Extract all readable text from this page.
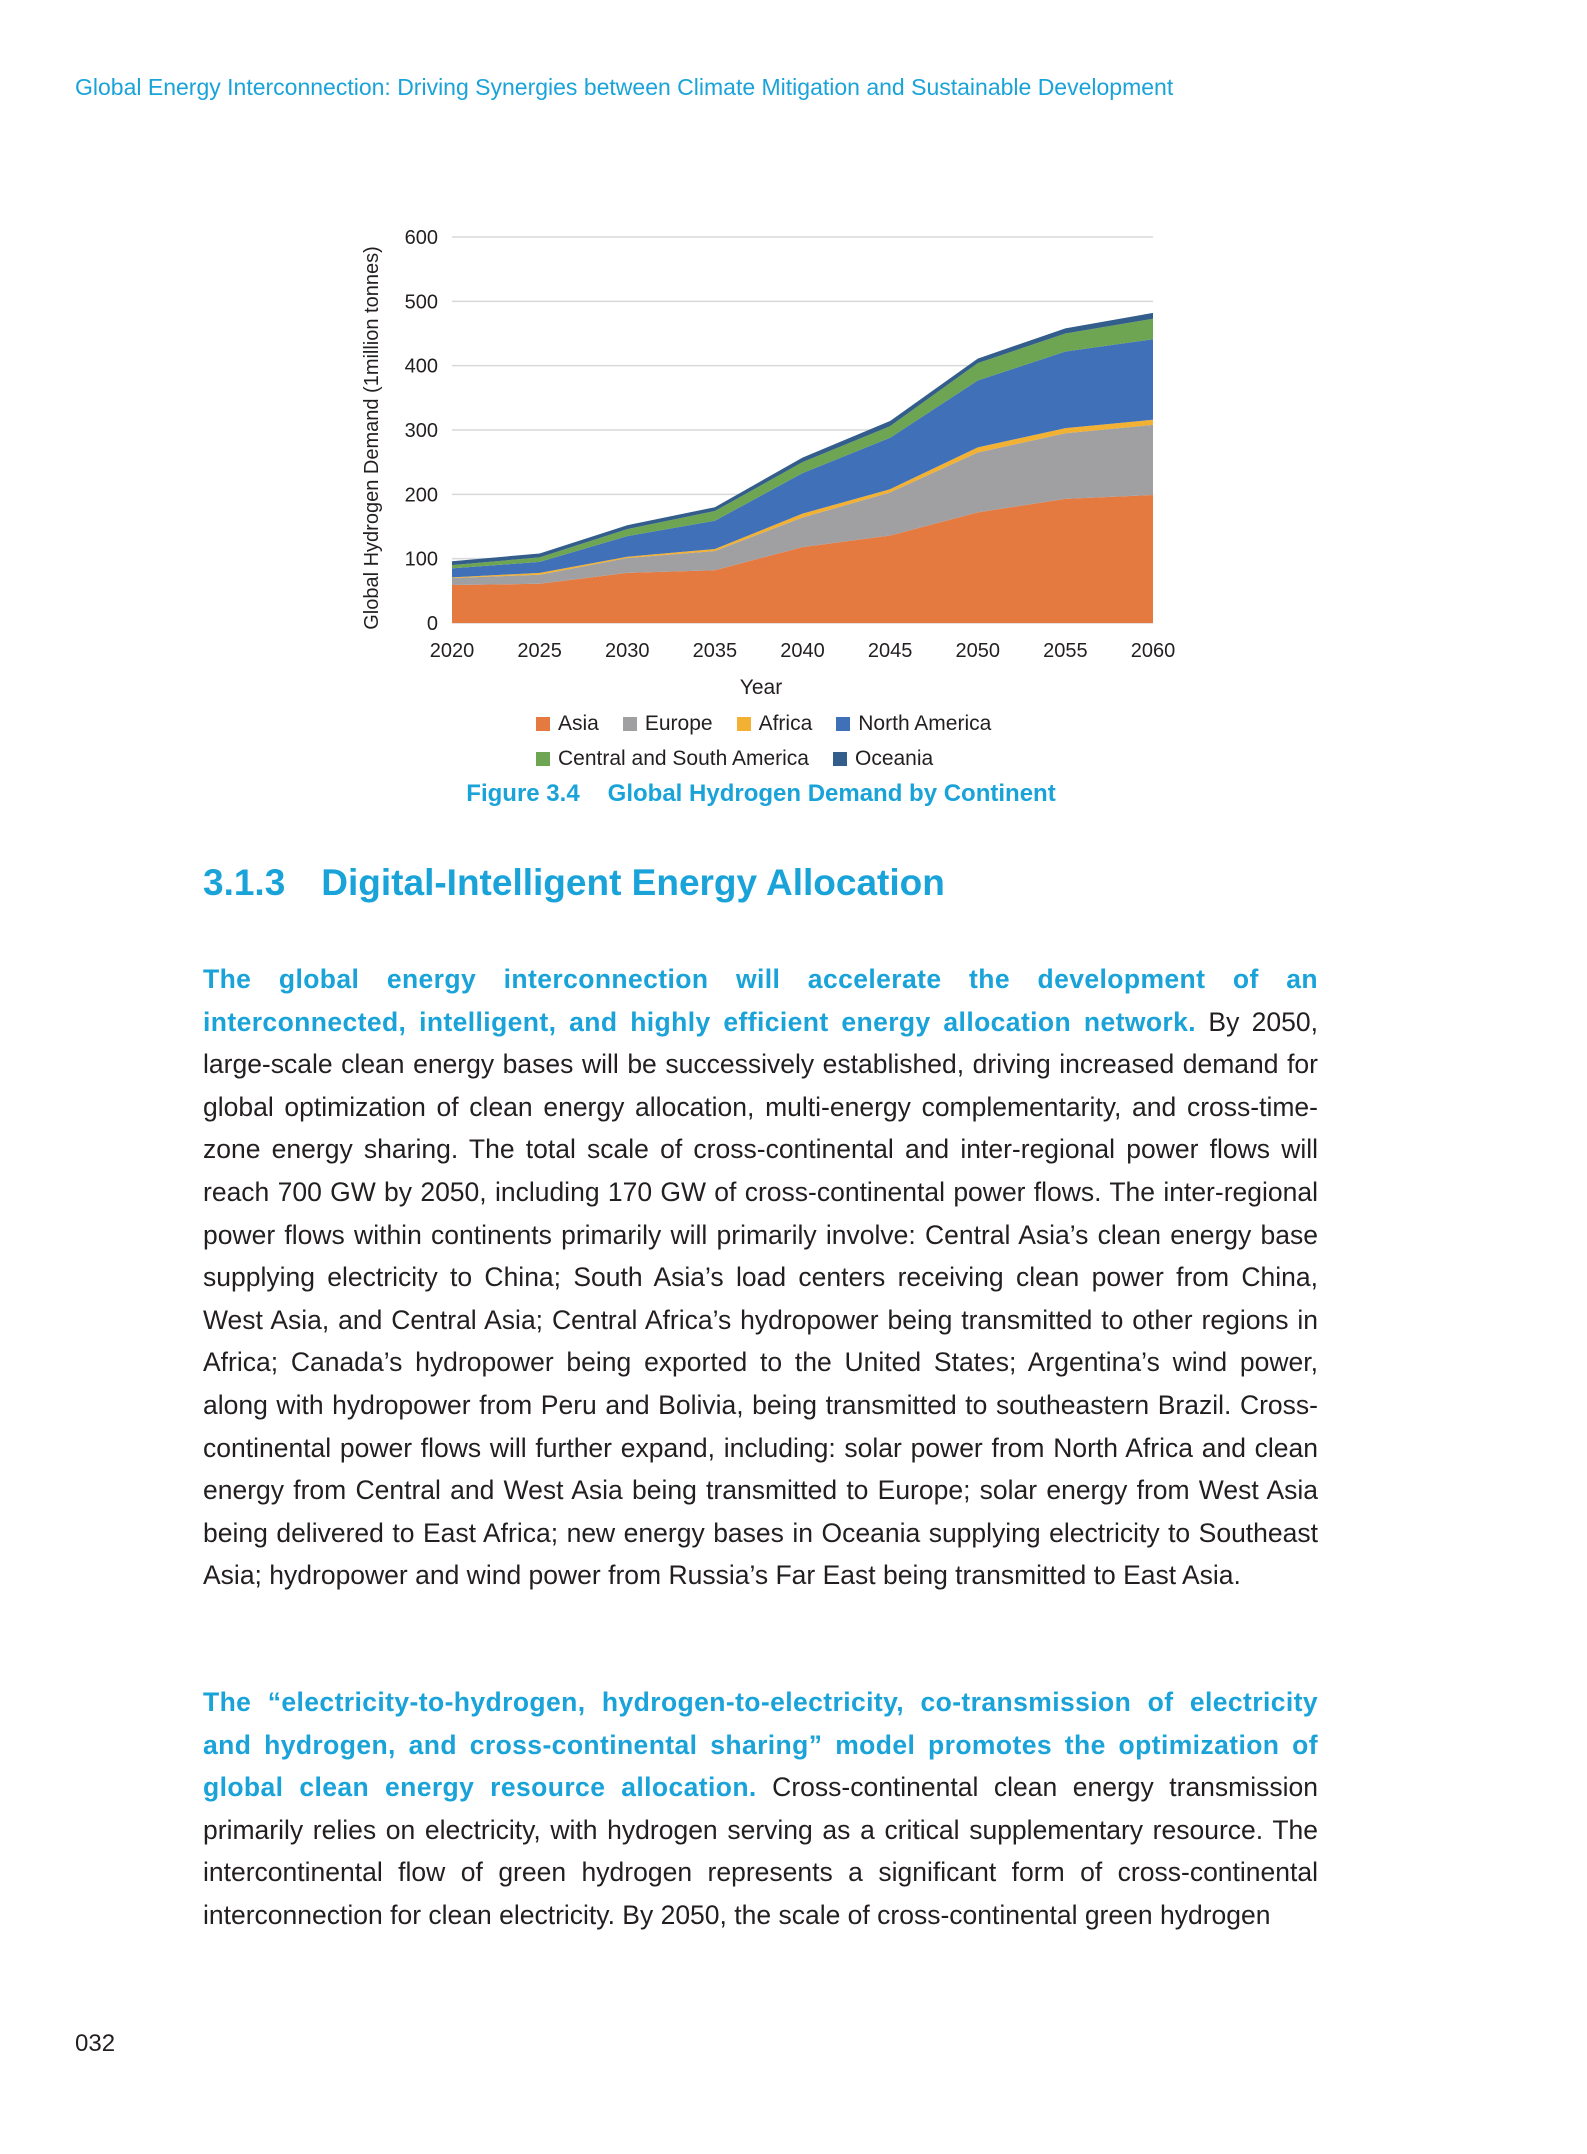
Global Energy Interconnection: Driving Synergies between Climate Mitigation and Sustainable Development
0
100
200
300
400
500
600
2020 2025 2030 2035 2040 2045 2050 2055 2060
Global Hydrogen Demand (1million tonnes)
Year
Asia Europe Africa North America
Central and South America Oceania
Figure 3.4 Global Hydrogen Demand by Continent
3.1.3 Digital-Intelligent Energy Allocation

The global energy interconnection will accelerate the development of an interconnected, intelligent, and highly efficient energy allocation network. By 2050, large-scale clean energy bases will be successively established, driving increased demand for global optimization of clean energy allocation, multi-energy complementarity, and cross-time-zone energy sharing. The total scale of cross-continental and inter-regional power flows will reach 700 GW by 2050, including 170 GW of cross-continental power flows. The inter-regional power flows within continents primarily will primarily involve: Central Asia’s clean energy base supplying electricity to China; South Asia’s load centers receiving clean power from China, West Asia, and Central Asia; Central Africa’s hydropower being transmitted to other regions in Africa; Canada’s hydropower being exported to the United States; Argentina’s wind power, along with hydropower from Peru and Bolivia, being transmitted to southeastern Brazil. Cross-continental power flows will further expand, including: solar power from North Africa and clean energy from Central and West Asia being transmitted to Europe; solar energy from West Asia being delivered to East Africa; new energy bases in Oceania supplying electricity to Southeast Asia; hydropower and wind power from Russia’s Far East being transmitted to East Asia.

The “electricity-to-hydrogen, hydrogen-to-electricity, co-transmission of electricity and hydrogen, and cross-continental sharing” model promotes the optimization of global clean energy resource allocation. Cross-continental clean energy transmission primarily relies on electricity, with hydrogen serving as a critical supplementary resource. The intercontinental flow of green hydrogen represents a significant form of cross-continental interconnection for clean electricity. By 2050, the scale of cross-continental green hydrogen

032
